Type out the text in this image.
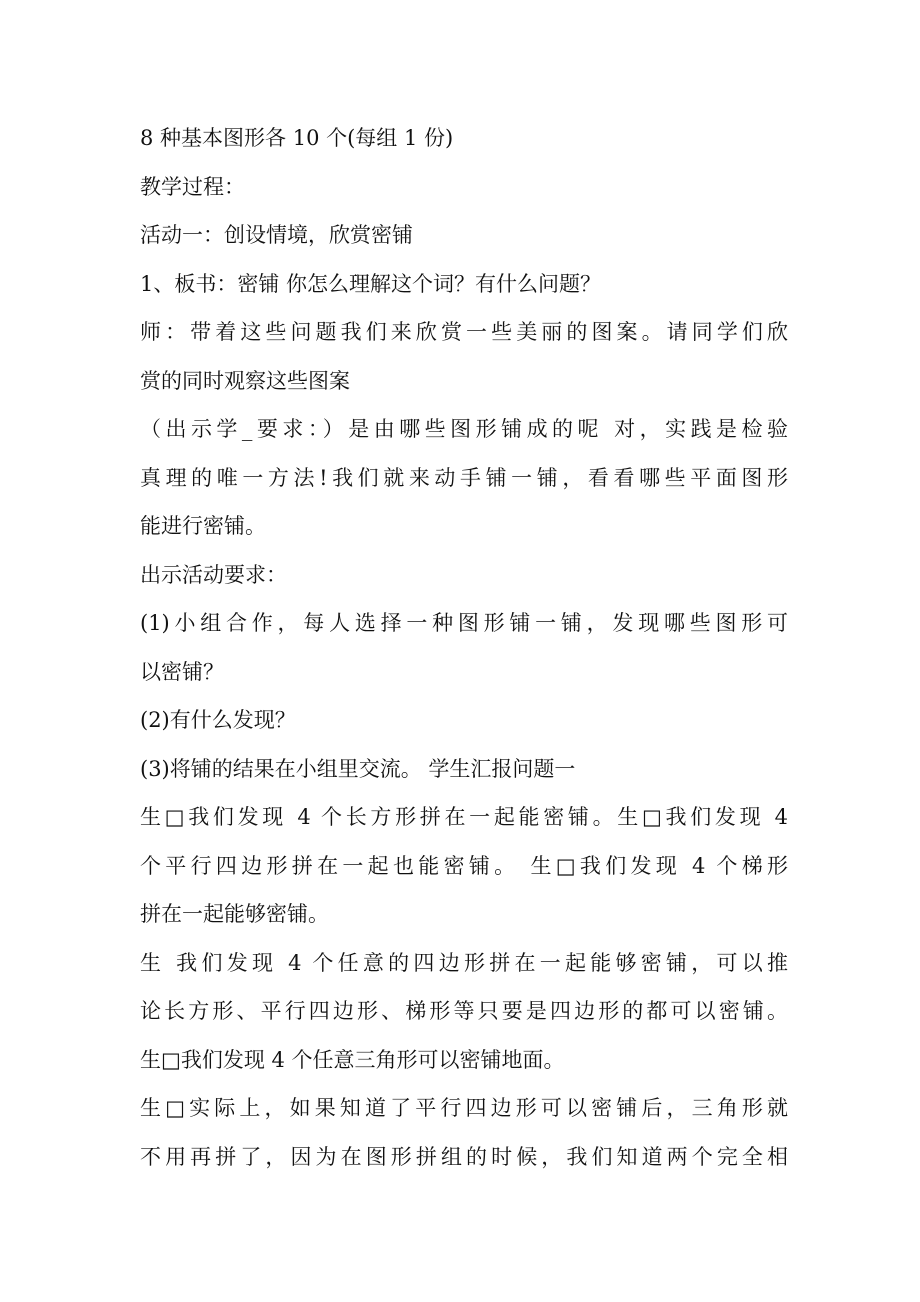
8 种基本图形各 10 个(每组 1 份)
教学过程：
活动一：创设情境，欣赏密铺
1、板书：密铺 你怎么理解这个词？有什么问题？
师：带着这些问题我们来欣赏一些美丽的图案。请同学们欣
赏的同时观察这些图案
（出示学_要求：）是由哪些图形铺成的呢 对，实践是检验
真理的唯一方法!我们就来动手铺一铺，看看哪些平面图形
能进行密铺。
出示活动要求：
(1)小组合作，每人选择一种图形铺一铺，发现哪些图形可
以密铺？
(2)有什么发现？
(3)将铺的结果在小组里交流。 学生汇报问题一
生□我们发现 4 个长方形拼在一起能密铺。生□我们发现 4
个平行四边形拼在一起也能密铺。 生□我们发现 4 个梯形
拼在一起能够密铺。
生 我们发现 4 个任意的四边形拼在一起能够密铺，可以推
论长方形、平行四边形、梯形等只要是四边形的都可以密铺。
生□我们发现 4 个任意三角形可以密铺地面。
生□实际上，如果知道了平行四边形可以密铺后，三角形就
不用再拼了，因为在图形拼组的时候，我们知道两个完全相
